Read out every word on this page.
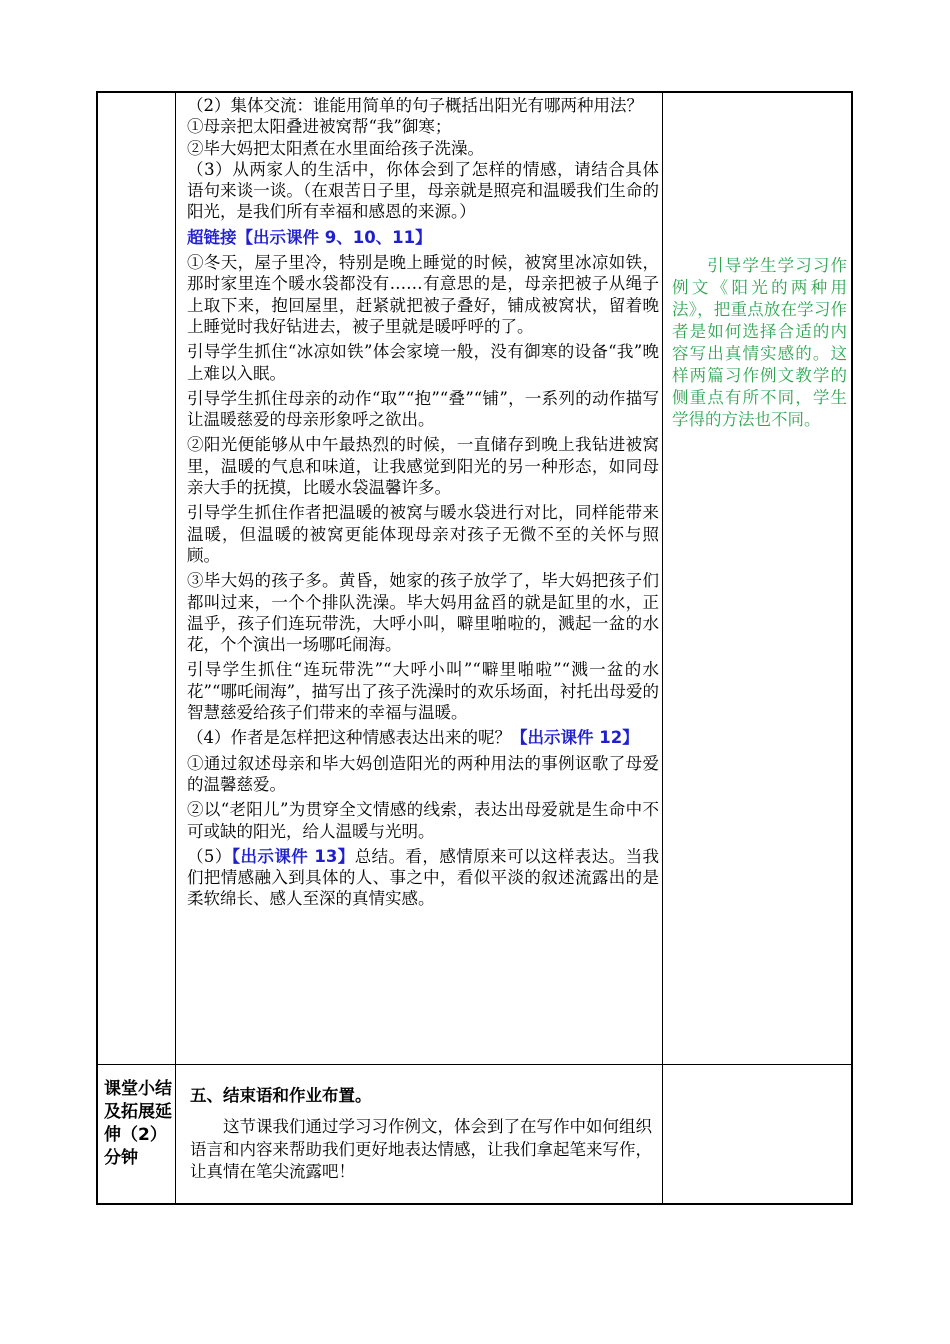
（2）集体交流：谁能用简单的句子概括出阳光有哪两种用法？

①母亲把太阳叠进被窝帮“我”御寒；

②毕大妈把太阳煮在水里面给孩子洗澡。

（3）从两家人的生活中，你体会到了怎样的情感，请结合具体语句来谈一谈。（在艰苦日子里，母亲就是照亮和温暖我们生命的阳光，是我们所有幸福和感恩的来源。）

超链接【出示课件 9、10、11】

①冬天，屋子里冷，特别是晚上睡觉的时候，被窝里冰凉如铁，那时家里连个暖水袋都没有……有意思的是，母亲把被子从绳子上取下来，抱回屋里，赶紧就把被子叠好，铺成被窝状，留着晚上睡觉时我好钻进去，被子里就是暖呼呼的了。

引导学生抓住“冰凉如铁”体会家境一般，没有御寒的设备“我”晚上难以入眠。

引导学生抓住母亲的动作“取”“抱”“叠”“铺”，一系列的动作描写让温暖慈爱的母亲形象呼之欲出。

②阳光便能够从中午最热烈的时候，一直储存到晚上我钻进被窝里，温暖的气息和味道，让我感觉到阳光的另一种形态，如同母亲大手的抚摸，比暖水袋温馨许多。

引导学生抓住作者把温暖的被窝与暖水袋进行对比，同样能带来温暖，但温暖的被窝更能体现母亲对孩子无微不至的关怀与照顾。

③毕大妈的孩子多。黄昏，她家的孩子放学了，毕大妈把孩子们都叫过来，一个个排队洗澡。毕大妈用盆舀的就是缸里的水，正温乎，孩子们连玩带洗，大呼小叫，噼里啪啦的，溅起一盆的水花，个个演出一场哪吒闹海。

引导学生抓住“连玩带洗”“大呼小叫”“噼里啪啦”“溅一盆的水花”“哪吒闹海”，描写出了孩子洗澡时的欢乐场面，衬托出母爱的智慧慈爱给孩子们带来的幸福与温暖。

（4）作者是怎样把这种情感表达出来的呢？【出示课件 12】

①通过叙述母亲和毕大妈创造阳光的两种用法的事例讴歌了母爱的温馨慈爱。

②以“老阳儿”为贯穿全文情感的线索，表达出母爱就是生命中不可或缺的阳光，给人温暖与光明。

（5）【出示课件 13】总结。看，感情原来可以这样表达。当我们把情感融入到具体的人、事之中，看似平淡的叙述流露出的是柔软绵长、感人至深的真情实感。

引导学生学习习作例文《阳光的两种用法》，把重点放在学习作者是如何选择合适的内容写出真情实感的。这样两篇习作例文教学的侧重点有所不同，学生学得的方法也不同。

课堂小结及拓展延伸（2）分钟

五、结束语和作业布置。

这节课我们通过学习习作例文，体会到了在写作中如何组织语言和内容来帮助我们更好地表达情感，让我们拿起笔来写作，让真情在笔尖流露吧！
